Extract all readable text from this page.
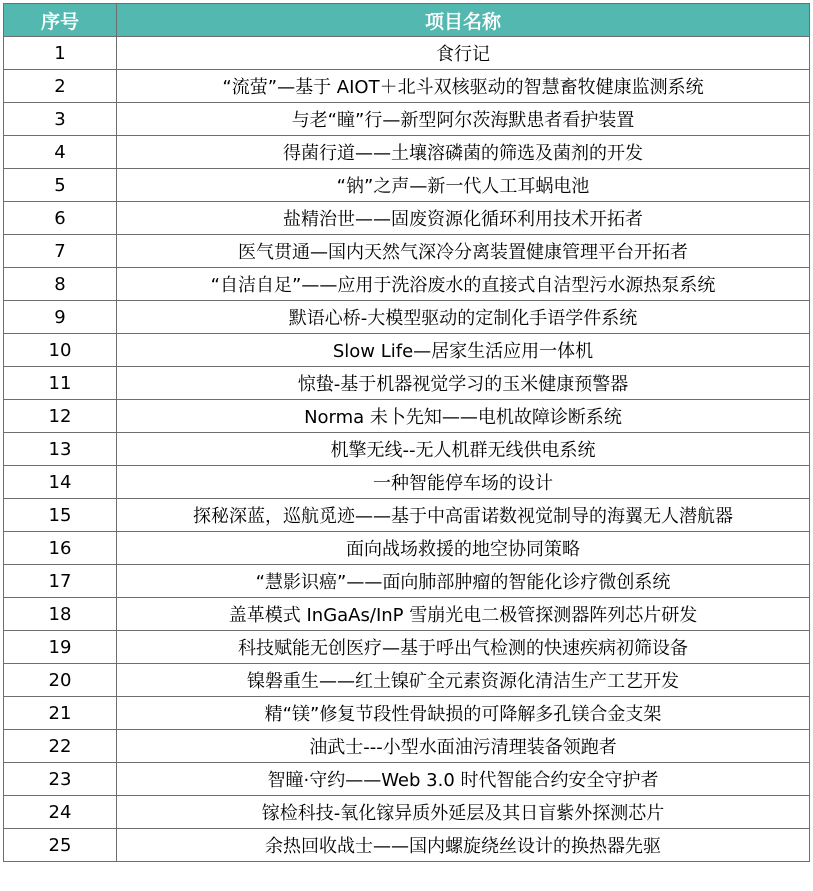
序号	项目名称
1	食行记
2	“流萤”—基于 AIOT＋北斗双核驱动的智慧畜牧健康监测系统
3	与老“瞳”行—新型阿尔茨海默患者看护装置
4	得菌行道——土壤溶磷菌的筛选及菌剂的开发
5	“钠”之声—新一代人工耳蜗电池
6	盐精治世——固废资源化循环利用技术开拓者
7	医气贯通—国内天然气深冷分离装置健康管理平台开拓者
8	“自洁自足”——应用于洗浴废水的直接式自洁型污水源热泵系统
9	默语心桥-大模型驱动的定制化手语学件系统
10	Slow Life—居家生活应用一体机
11	惊蛰-基于机器视觉学习的玉米健康预警器
12	Norma 未卜先知——电机故障诊断系统
13	机擎无线--无人机群无线供电系统
14	一种智能停车场的设计
15	探秘深蓝，巡航觅迹——基于中高雷诺数视觉制导的海翼无人潜航器
16	面向战场救援的地空协同策略
17	“慧影识癌”——面向肺部肿瘤的智能化诊疗微创系统
18	盖革模式 InGaAs/InP 雪崩光电二极管探测器阵列芯片研发
19	科技赋能无创医疗—基于呼出气检测的快速疾病初筛设备
20	镍磐重生——红土镍矿全元素资源化清洁生产工艺开发
21	精“镁”修复节段性骨缺损的可降解多孔镁合金支架
22	油武士---小型水面油污清理装备领跑者
23	智瞳·守约——Web 3.0 时代智能合约安全守护者
24	镓检科技-氧化镓异质外延层及其日盲紫外探测芯片
25	余热回收战士——国内螺旋绕丝设计的换热器先驱
